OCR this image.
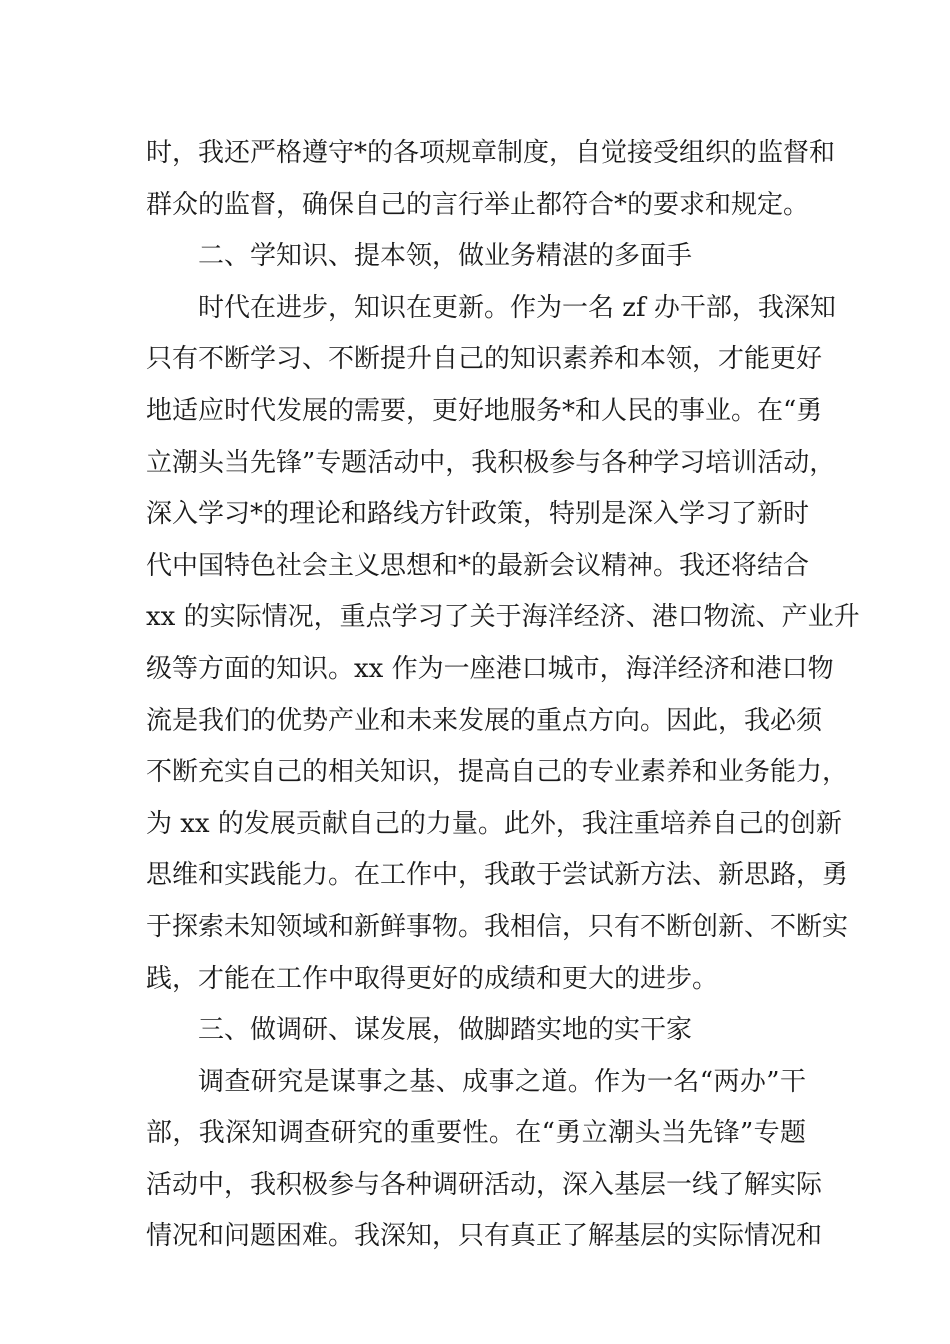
时，我还严格遵守*的各项规章制度，自觉接受组织的监督和
群众的监督，确保自己的言行举止都符合*的要求和规定。
二、学知识、提本领，做业务精湛的多面手
时代在进步，知识在更新。作为一名 zf 办干部，我深知
只有不断学习、不断提升自己的知识素养和本领，才能更好
地适应时代发展的需要，更好地服务*和人民的事业。在“勇
立潮头当先锋”专题活动中，我积极参与各种学习培训活动，
深入学习*的理论和路线方针政策，特别是深入学习了新时
代中国特色社会主义思想和*的最新会议精神。我还将结合
xx 的实际情况，重点学习了关于海洋经济、港口物流、产业升
级等方面的知识。xx 作为一座港口城市，海洋经济和港口物
流是我们的优势产业和未来发展的重点方向。因此，我必须
不断充实自己的相关知识，提高自己的专业素养和业务能力，
为 xx 的发展贡献自己的力量。此外，我注重培养自己的创新
思维和实践能力。在工作中，我敢于尝试新方法、新思路，勇
于探索未知领域和新鲜事物。我相信，只有不断创新、不断实
践，才能在工作中取得更好的成绩和更大的进步。
三、做调研、谋发展，做脚踏实地的实干家
调查研究是谋事之基、成事之道。作为一名“两办”干
部，我深知调查研究的重要性。在“勇立潮头当先锋”专题
活动中，我积极参与各种调研活动，深入基层一线了解实际
情况和问题困难。我深知，只有真正了解基层的实际情况和
